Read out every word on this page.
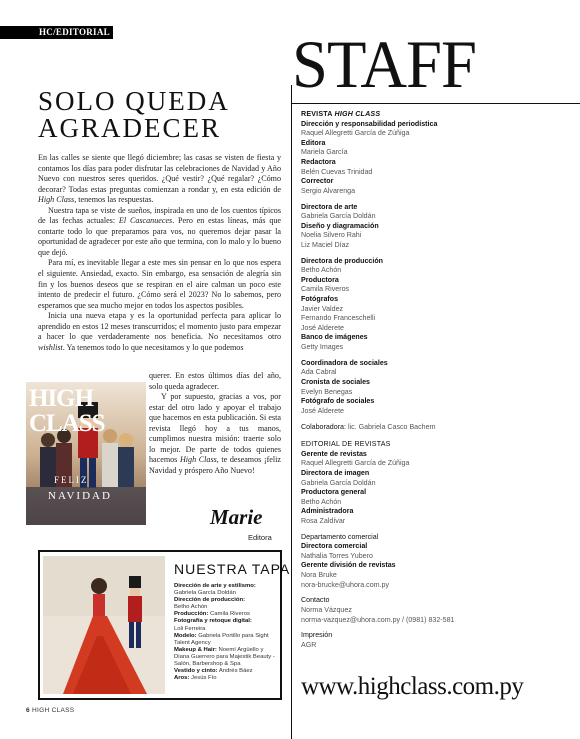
HC/EDITORIAL
SOLO QUEDA
AGRADECER

En las calles se siente que llegó diciembre; las casas se visten de fiesta y contamos los días para poder disfrutar las celebraciones de Navidad y Año Nuevo con nuestros seres queridos. ¿Qué vestir? ¿Qué regalar? ¿Cómo decorar? Todas estas preguntas comienzan a rondar y, en esta edición de High Class, tenemos las respuestas.

Nuestra tapa se viste de sueños, inspirada en uno de los cuentos típicos de las fechas actuales: El Cascanueces. Pero en estas líneas, más que contarte todo lo que preparamos para vos, no queremos dejar pasar la oportunidad de agradecer por este año que termina, con lo malo y lo bueno que dejó.

Para mí, es inevitable llegar a este mes sin pensar en lo que nos espera el siguiente. Ansiedad, exacto. Sin embargo, esa sensación de alegría sin fin y los buenos deseos que se respiran en el aire calman un poco este intento de predecir el futuro. ¿Cómo será el 2023? No lo sabemos, pero esperamos que sea mucho mejor en todos los aspectos posibles.

Inicia una nueva etapa y es la oportunidad perfecta para aplicar lo aprendido en estos 12 meses transcurridos; el momento justo para empezar a hacer lo que verdaderamente nos beneficia. No necesitamos otro wishlist. Ya tenemos todo lo que necesitamos y lo que podemos

querer. En estos últimos días del año, solo queda agradecer.

Y por supuesto, gracias a vos, por estar del otro lado y apoyar el trabajo que hacemos en esta publicación. Si esta revista llegó hoy a tus manos, cumplimos nuestra misión: traerte solo lo mejor. De parte de todos quienes hacemos High Class, te deseamos ¡feliz Navidad y próspero Año Nuevo!

HIGH CLASS
FELIZ
NAVIDAD
Marie
Editora
NUESTRA TAPA
Dirección de arte y estilismo:
Gabriela García Doldán
Dirección de producción:
Betho Achón
Producción: Camila Riveros
Fotografía y retoque digital:
Loli Ferreira
Modelo: Gabriela Portillo para Sight Talent Agency
Makeup & Hair: Noemí Argüello y Diana Guerrero para Majestik Beauty - Salón, Barbershop & Spa
Vestido y cinto: Andrés Báez
Aros: Jesús Fío
6 HIGH CLASS
STAFF
REVISTA HIGH CLASS
Dirección y responsabilidad periodística
Raquel Allegretti García de Zúñiga
Editora
Mariela García
Redactora
Belén Cuevas Trinidad
Corrector
Sergio Alvarenga
Directora de arte
Gabriela García Doldán
Diseño y diagramación
Noelia Silvero Rahi
Liz Maciel Díaz
Directora de producción
Betho Achón
Productora
Camila Riveros
Fotógrafos
Javier Valdez
Fernando Franceschelli
José Alderete
Banco de imágenes
Getty Images
Coordinadora de sociales
Ada Cabral
Cronista de sociales
Evelyn Benegas
Fotógrafo de sociales
José Alderete
Colaboradora: lic. Gabriela Casco Bachem
EDITORIAL DE REVISTAS
Gerente de revistas
Raquel Allegretti García de Zúñiga
Directora de imagen
Gabriela García Doldán
Productora general
Betho Achón
Administradora
Rosa Zaldívar
Departamento comercial
Directora comercial
Nathalia Torres Yubero
Gerente división de revistas
Nora Bruke
nora-brucke@uhora.com.py
Contacto
Norma Vázquez
norma-vazquez@uhora.com.py / (0981) 832-581
Impresión
AGR
www.highclass.com.py
